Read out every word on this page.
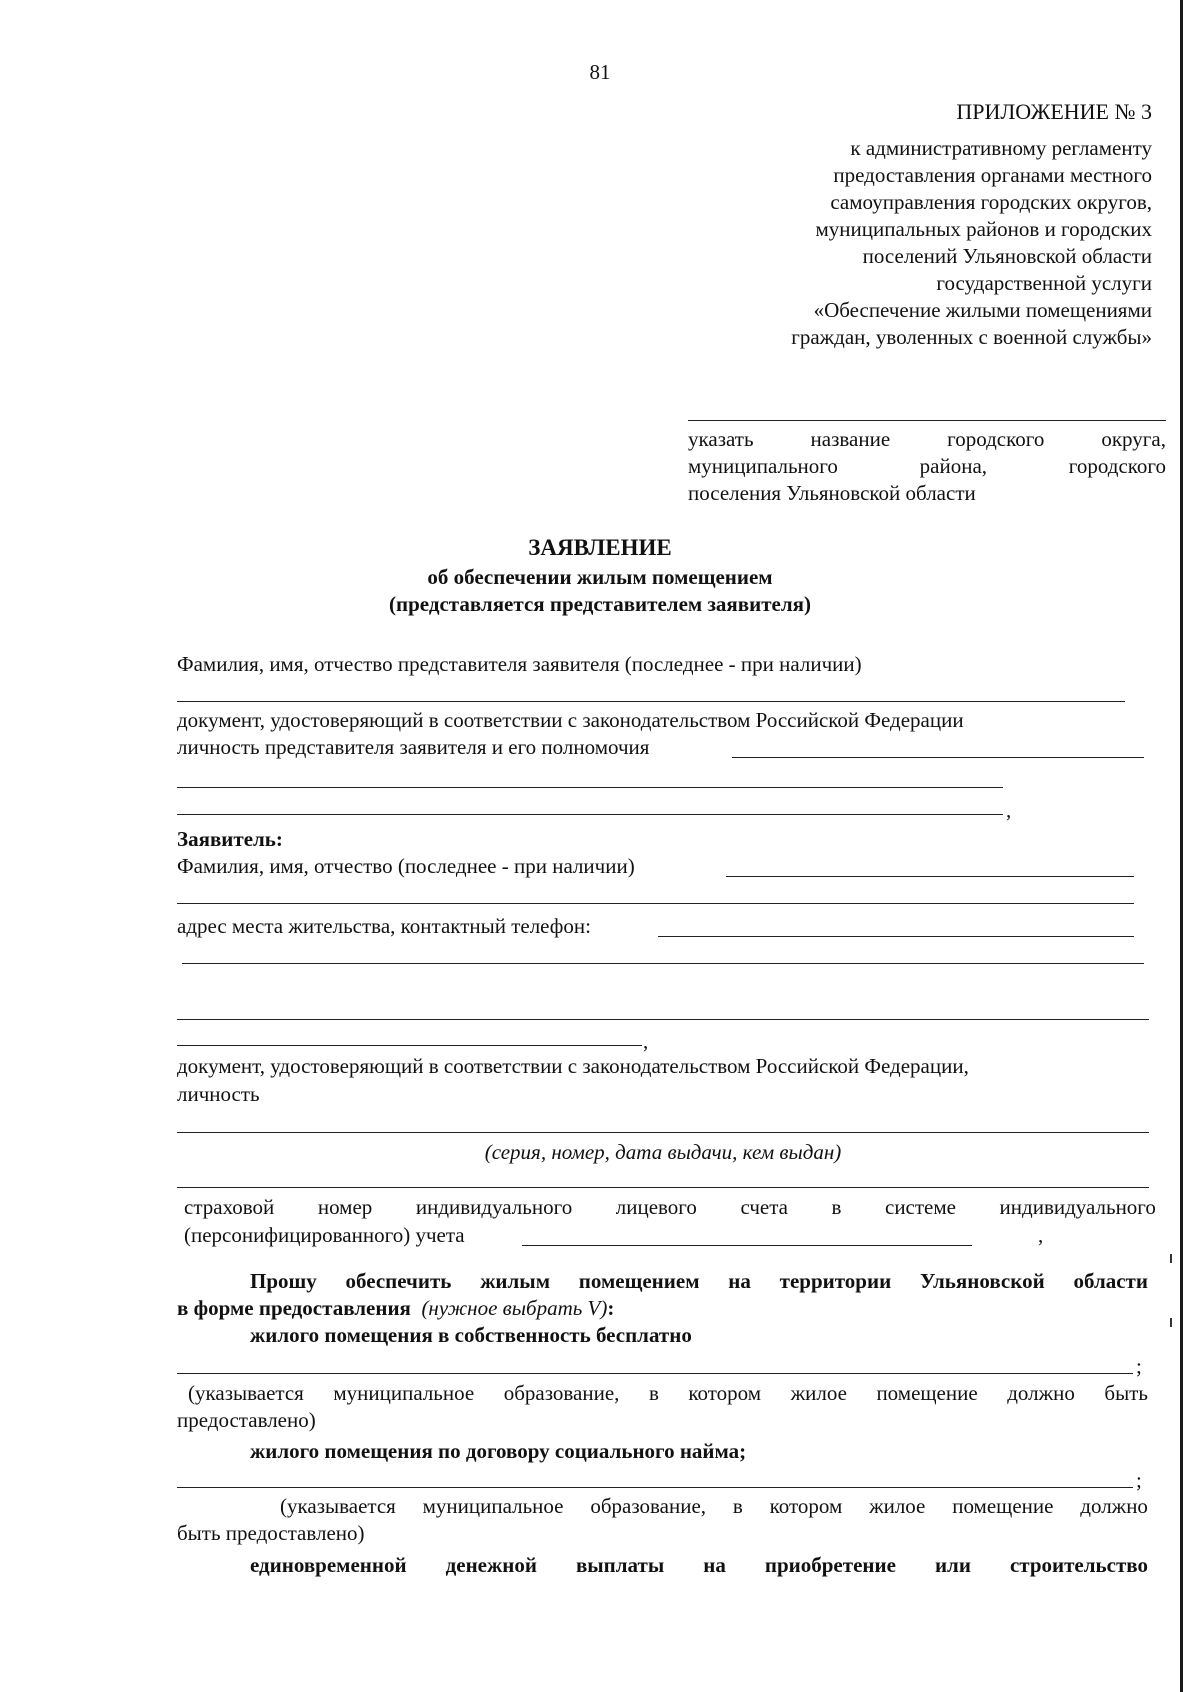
81

ПРИЛОЖЕНИЕ № 3

к административному регламенту

предоставления органами местного

самоуправления городских округов,

муниципальных районов и городских

поселений Ульяновской области

государственной услуги

«Обеспечение жилыми помещениями

граждан, уволенных с военной службы»

указать	название	городского	округа,
муниципального	района,	городского

поселения Ульяновской области

ЗАЯВЛЕНИЕ

об обеспечении жилым помещением

(представляется представителем заявителя)

Фамилия, имя, отчество представителя заявителя (последнее - при наличии)

документ, удостоверяющий в соответствии с законодательством Российской Федерации

личность представителя заявителя и его полномочия

,

Заявитель:

Фамилия, имя, отчество (последнее - при наличии)

адрес места жительства, контактный телефон:

,

документ, удостоверяющий в соответствии с законодательством Российской Федерации,

личность

(серия, номер, дата выдачи, кем выдан)

страховой номер индивидуального лицевого счета в системе индивидуального

(персонифицированного) учета	,

Прошу обеспечить жилым помещением на территории Ульяновской области

в форме предоставления (нужное выбрать V):

жилого помещения в собственность бесплатно

;

(указывается муниципальное образование, в котором жилое помещение должно быть

предоставлено)

жилого помещения по договору социального найма;

;

(указывается муниципальное образование, в котором жилое помещение должно

быть предоставлено)

единовременной денежной выплаты на приобретение или строительство
